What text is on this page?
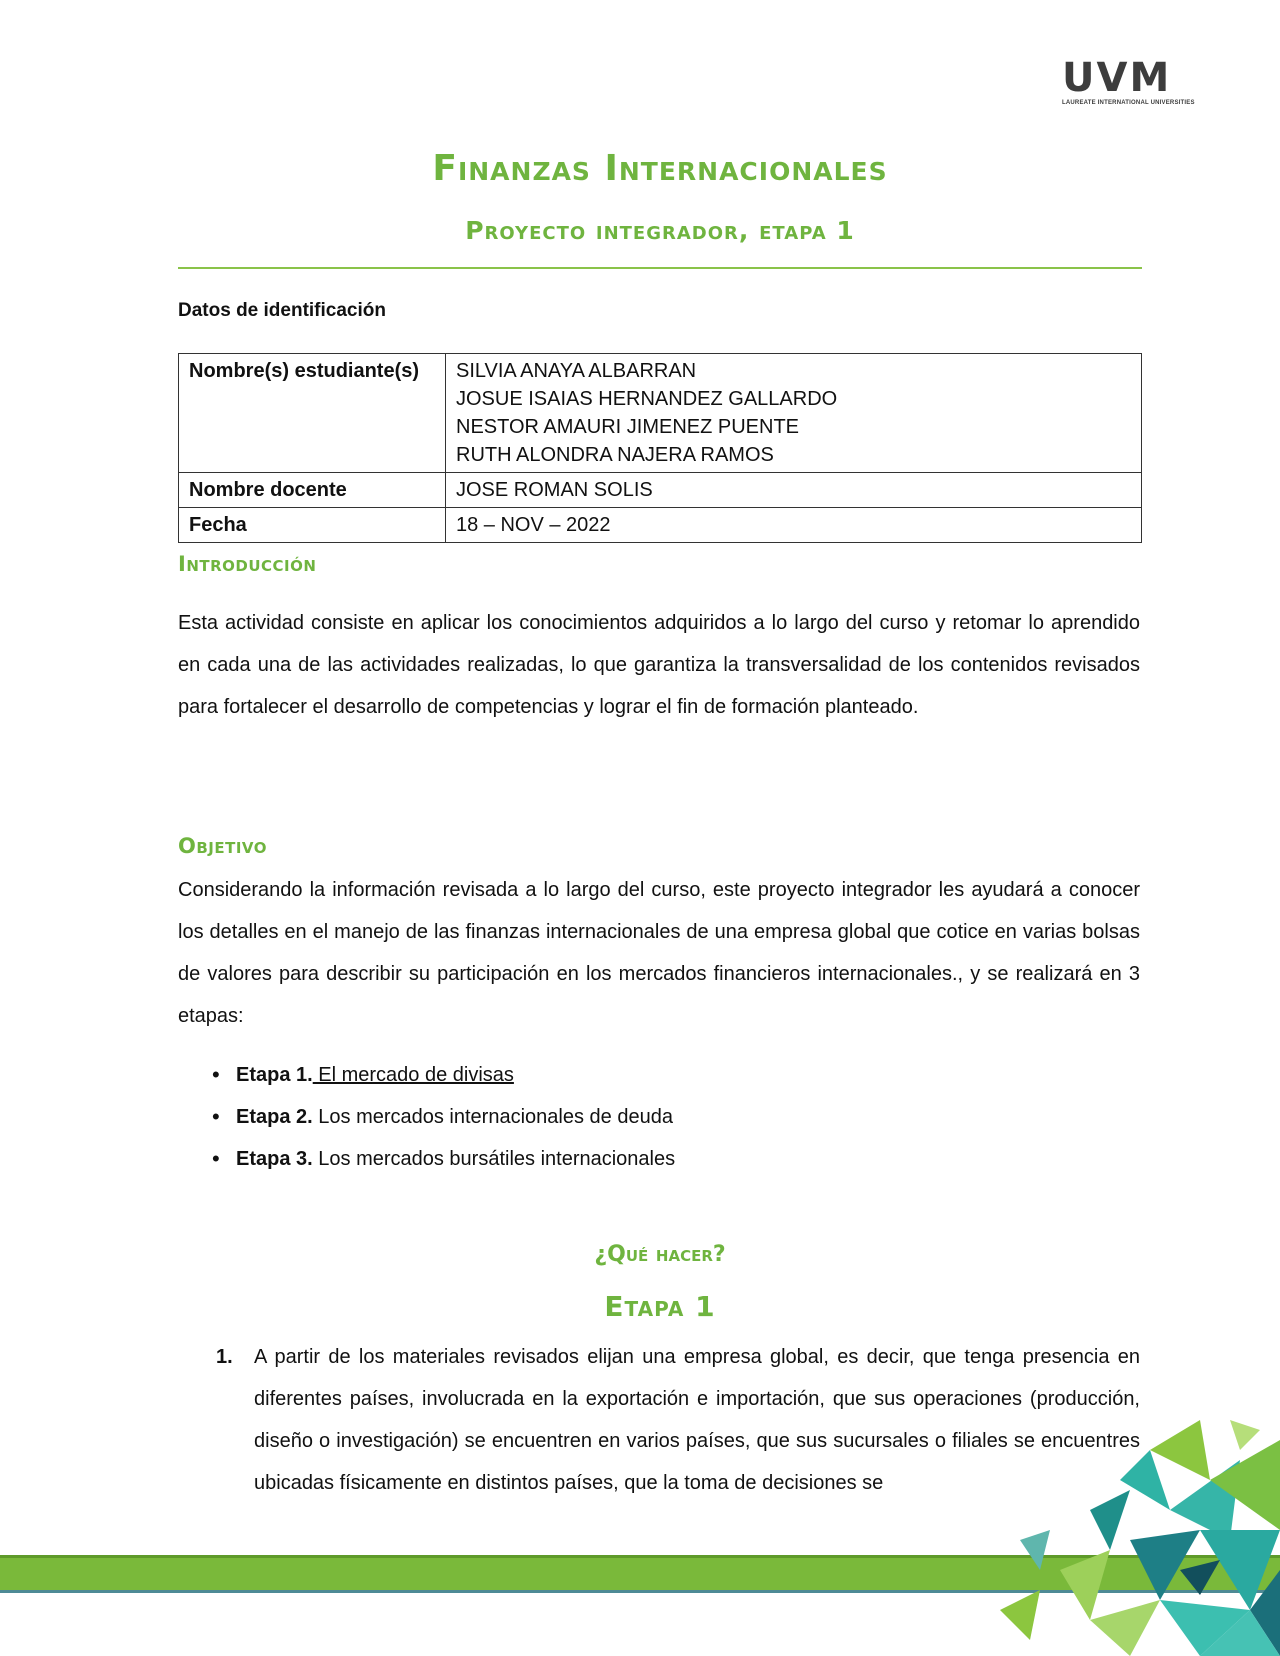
UVM
LAUREATE INTERNATIONAL UNIVERSITIES
Finanzas Internacionales
Proyecto integrador, etapa 1
Datos de identificación
Nombre(s) estudiante(s)	SILVIA ANAYA ALBARRAN
JOSUE ISAIAS HERNANDEZ GALLARDO
NESTOR AMAURI JIMENEZ PUENTE
RUTH ALONDRA NAJERA RAMOS

Nombre docente	JOSE ROMAN SOLIS
Fecha	18 – NOV – 2022
Introducción

Esta actividad consiste en aplicar los conocimientos adquiridos a lo largo del curso y retomar lo aprendido en cada una de las actividades realizadas, lo que garantiza la transversalidad de los contenidos revisados para fortalecer el desarrollo de competencias y lograr el fin de formación planteado.

Objetivo

Considerando la información revisada a lo largo del curso, este proyecto integrador les ayudará a conocer los detalles en el manejo de las finanzas internacionales de una empresa global que cotice en varias bolsas de valores para describir su participación en los mercados financieros internacionales., y se realizará en 3 etapas:

• Etapa 1. El mercado de divisas
• Etapa 2. Los mercados internacionales de deuda
• Etapa 3. Los mercados bursátiles internacionales
¿Qué hacer?
Etapa 1
1. A partir de los materiales revisados elijan una empresa global, es decir, que tenga presencia en diferentes países, involucrada en la exportación e importación, que sus operaciones (producción, diseño o investigación) se encuentren en varios países, que sus sucursales o filiales se encuentres ubicadas físicamente en distintos países, que la toma de decisiones se
